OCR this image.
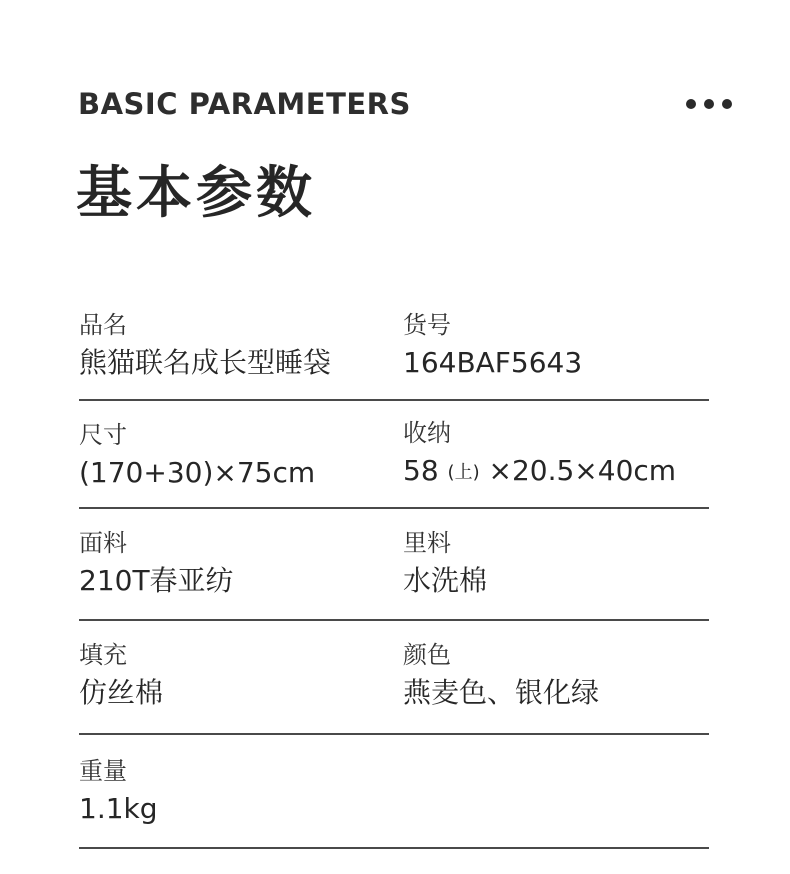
BASIC PARAMETERS
基本参数
品名
熊猫联名成长型睡袋
货号
164BAF5643
尺寸
(170+30)×75cm
收纳
58 (上) ×20.5×40cm
面料
210T春亚纺
里料
水洗棉
填充
仿丝棉
颜色
燕麦色、银化绿
重量
1.1kg
